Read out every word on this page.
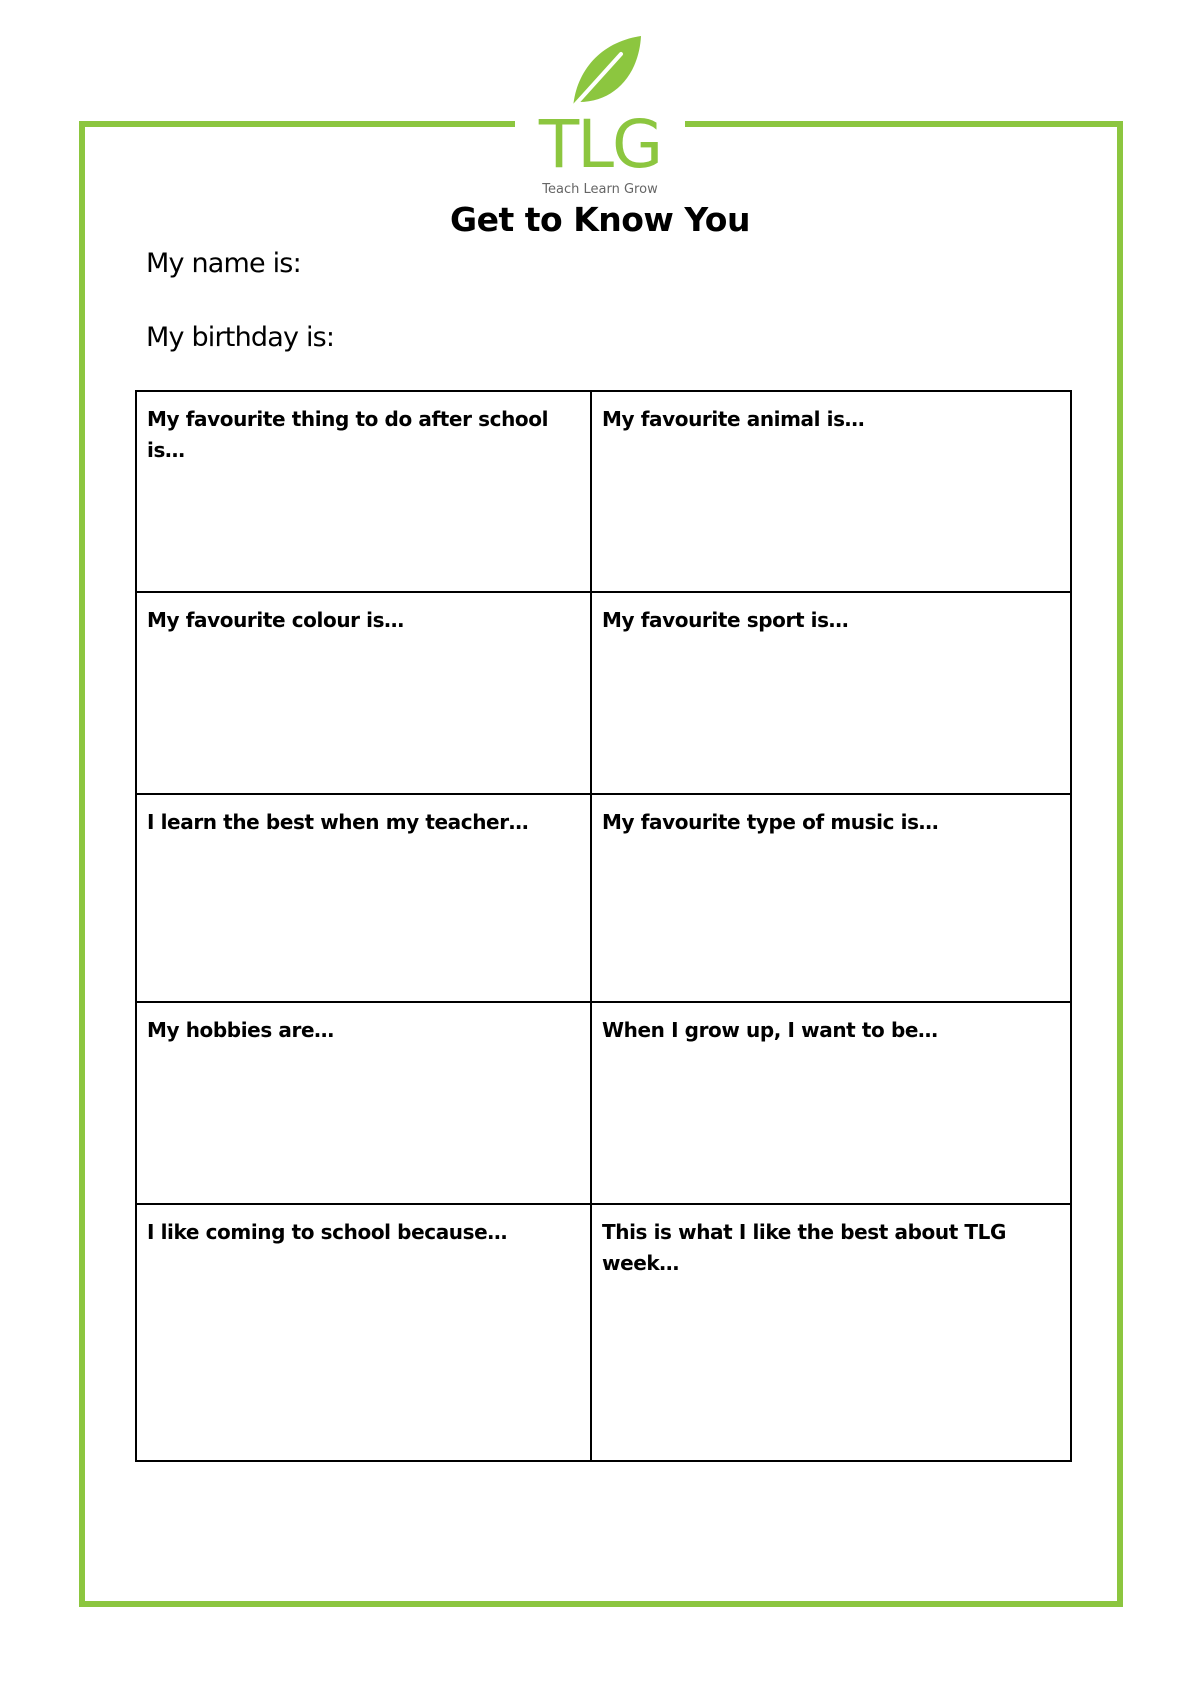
TLG
Teach Learn Grow
Get to Know You
My name is:
My birthday is:
My favourite thing to do after school is…	My favourite animal is…
My favourite colour is…	My favourite sport is…
I learn the best when my teacher…	My favourite type of music is…
My hobbies are…	When I grow up, I want to be…
I like coming to school because…	This is what I like the best about TLG week…
